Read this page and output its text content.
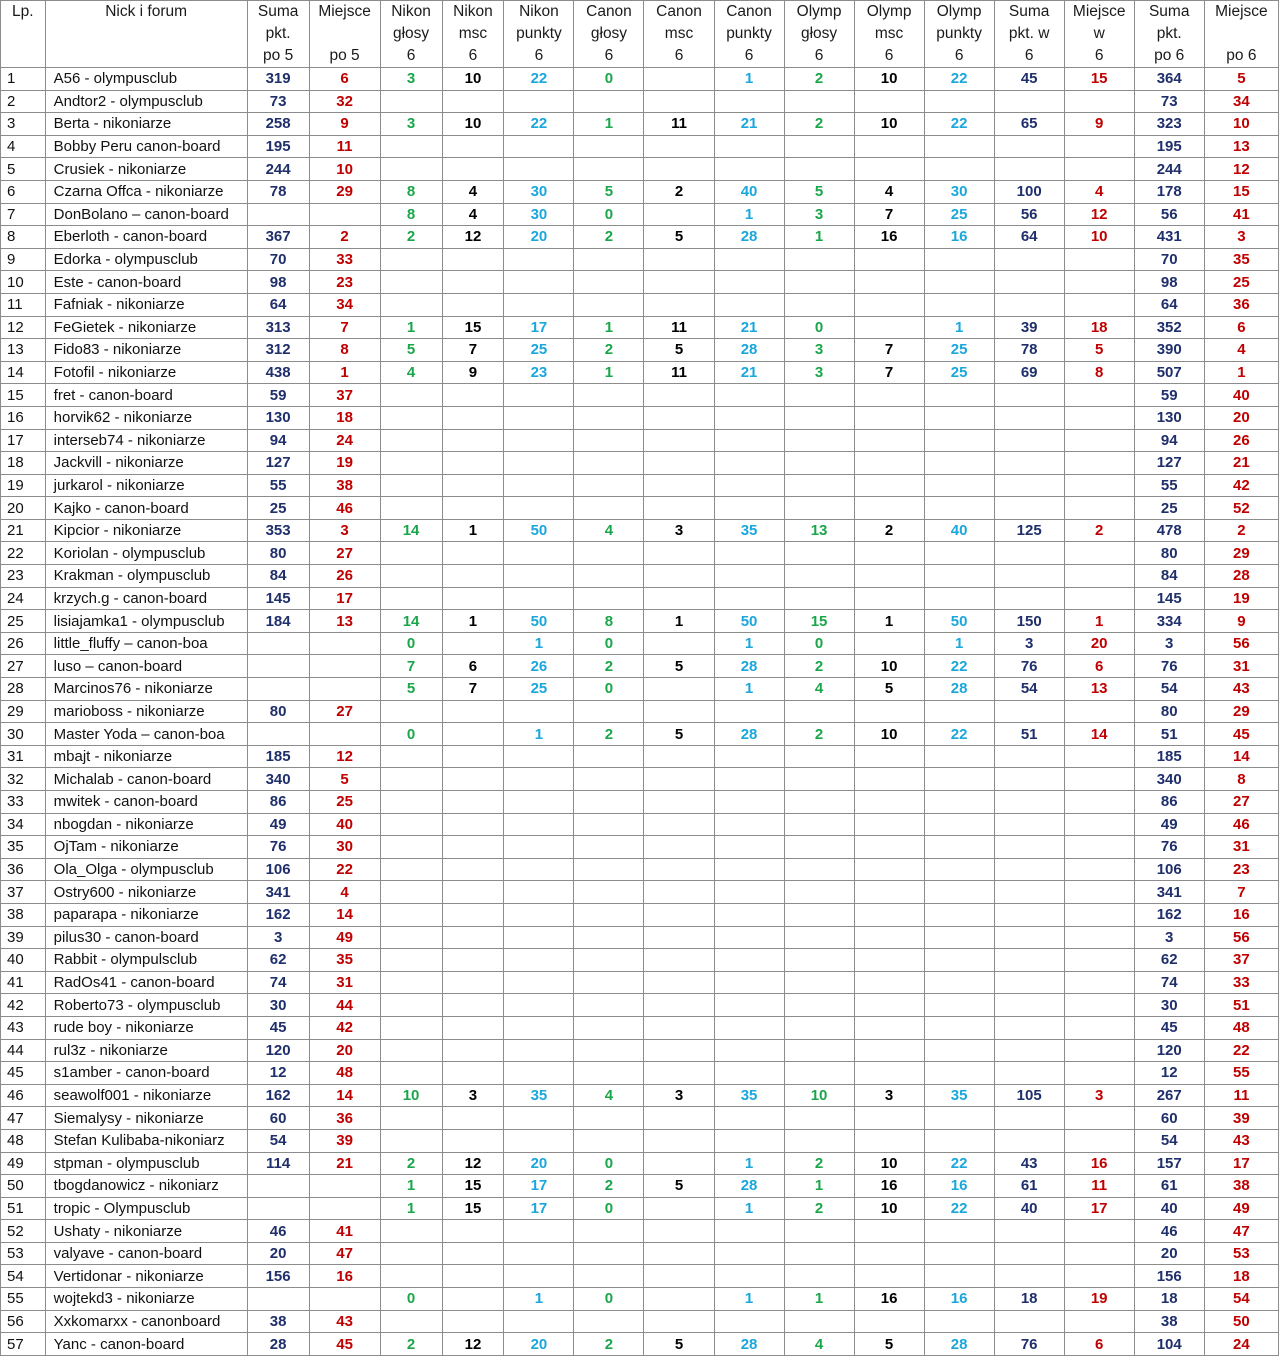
Lp.	Nick i forum	Suma
pkt.
po 5	Miejsce

po 5	Nikon
głosy
6	Nikon
msc
6	Nikon
punkty
6	Canon
głosy
6	Canon
msc
6	Canon
punkty
6	Olymp
głosy
6	Olymp
msc
6	Olymp
punkty
6	Suma
pkt. w
6	Miejsce
w
6	Suma
pkt.
po 6	Miejsce

po 6

1	A56 - olympusclub	319	6	3	10	22	0		1	2	10	22	45	15	364	5
2	Andtor2 - olympusclub	73	32												73	34
3	Berta - nikoniarze	258	9	3	10	22	1	11	21	2	10	22	65	9	323	10
4	Bobby Peru canon-board	195	11												195	13
5	Crusiek - nikoniarze	244	10												244	12
6	Czarna Offca - nikoniarze	78	29	8	4	30	5	2	40	5	4	30	100	4	178	15
7	DonBolano – canon-board			8	4	30	0		1	3	7	25	56	12	56	41
8	Eberloth - canon-board	367	2	2	12	20	2	5	28	1	16	16	64	10	431	3
9	Edorka - olympusclub	70	33												70	35
10	Este - canon-board	98	23												98	25
11	Fafniak - nikoniarze	64	34												64	36
12	FeGietek - nikoniarze	313	7	1	15	17	1	11	21	0		1	39	18	352	6
13	Fido83 - nikoniarze	312	8	5	7	25	2	5	28	3	7	25	78	5	390	4
14	Fotofil - nikoniarze	438	1	4	9	23	1	11	21	3	7	25	69	8	507	1
15	fret - canon-board	59	37												59	40
16	horvik62 - nikoniarze	130	18												130	20
17	interseb74 - nikoniarze	94	24												94	26
18	Jackvill - nikoniarze	127	19												127	21
19	jurkarol - nikoniarze	55	38												55	42
20	Kajko - canon-board	25	46												25	52
21	Kipcior - nikoniarze	353	3	14	1	50	4	3	35	13	2	40	125	2	478	2
22	Koriolan - olympusclub	80	27												80	29
23	Krakman - olympusclub	84	26												84	28
24	krzych.g - canon-board	145	17												145	19
25	lisiajamka1 - olympusclub	184	13	14	1	50	8	1	50	15	1	50	150	1	334	9
26	little_fluffy – canon-boa			0		1	0		1	0		1	3	20	3	56
27	luso – canon-board			7	6	26	2	5	28	2	10	22	76	6	76	31
28	Marcinos76 - nikoniarze			5	7	25	0		1	4	5	28	54	13	54	43
29	marioboss - nikoniarze	80	27												80	29
30	Master Yoda – canon-boa			0		1	2	5	28	2	10	22	51	14	51	45
31	mbajt - nikoniarze	185	12												185	14
32	Michalab - canon-board	340	5												340	8
33	mwitek - canon-board	86	25												86	27
34	nbogdan - nikoniarze	49	40												49	46
35	OjTam - nikoniarze	76	30												76	31
36	Ola_Olga - olympusclub	106	22												106	23
37	Ostry600 - nikoniarze	341	4												341	7
38	paparapa - nikoniarze	162	14												162	16
39	pilus30 - canon-board	3	49												3	56
40	Rabbit - olympulsclub	62	35												62	37
41	RadOs41 - canon-board	74	31												74	33
42	Roberto73 - olympusclub	30	44												30	51
43	rude boy - nikoniarze	45	42												45	48
44	rul3z - nikoniarze	120	20												120	22
45	s1amber - canon-board	12	48												12	55
46	seawolf001 - nikoniarze	162	14	10	3	35	4	3	35	10	3	35	105	3	267	11
47	Siemalysy - nikoniarze	60	36												60	39
48	Stefan Kulibaba-nikoniarz	54	39												54	43
49	stpman - olympusclub	114	21	2	12	20	0		1	2	10	22	43	16	157	17
50	tbogdanowicz - nikoniarz			1	15	17	2	5	28	1	16	16	61	11	61	38
51	tropic - Olympusclub			1	15	17	0		1	2	10	22	40	17	40	49
52	Ushaty - nikoniarze	46	41												46	47
53	valyave - canon-board	20	47												20	53
54	Vertidonar - nikoniarze	156	16												156	18
55	wojtekd3 - nikoniarze			0		1	0		1	1	16	16	18	19	18	54
56	Xxkomarxx - canonboard	38	43												38	50
57	Yanc - canon-board	28	45	2	12	20	2	5	28	4	5	28	76	6	104	24
